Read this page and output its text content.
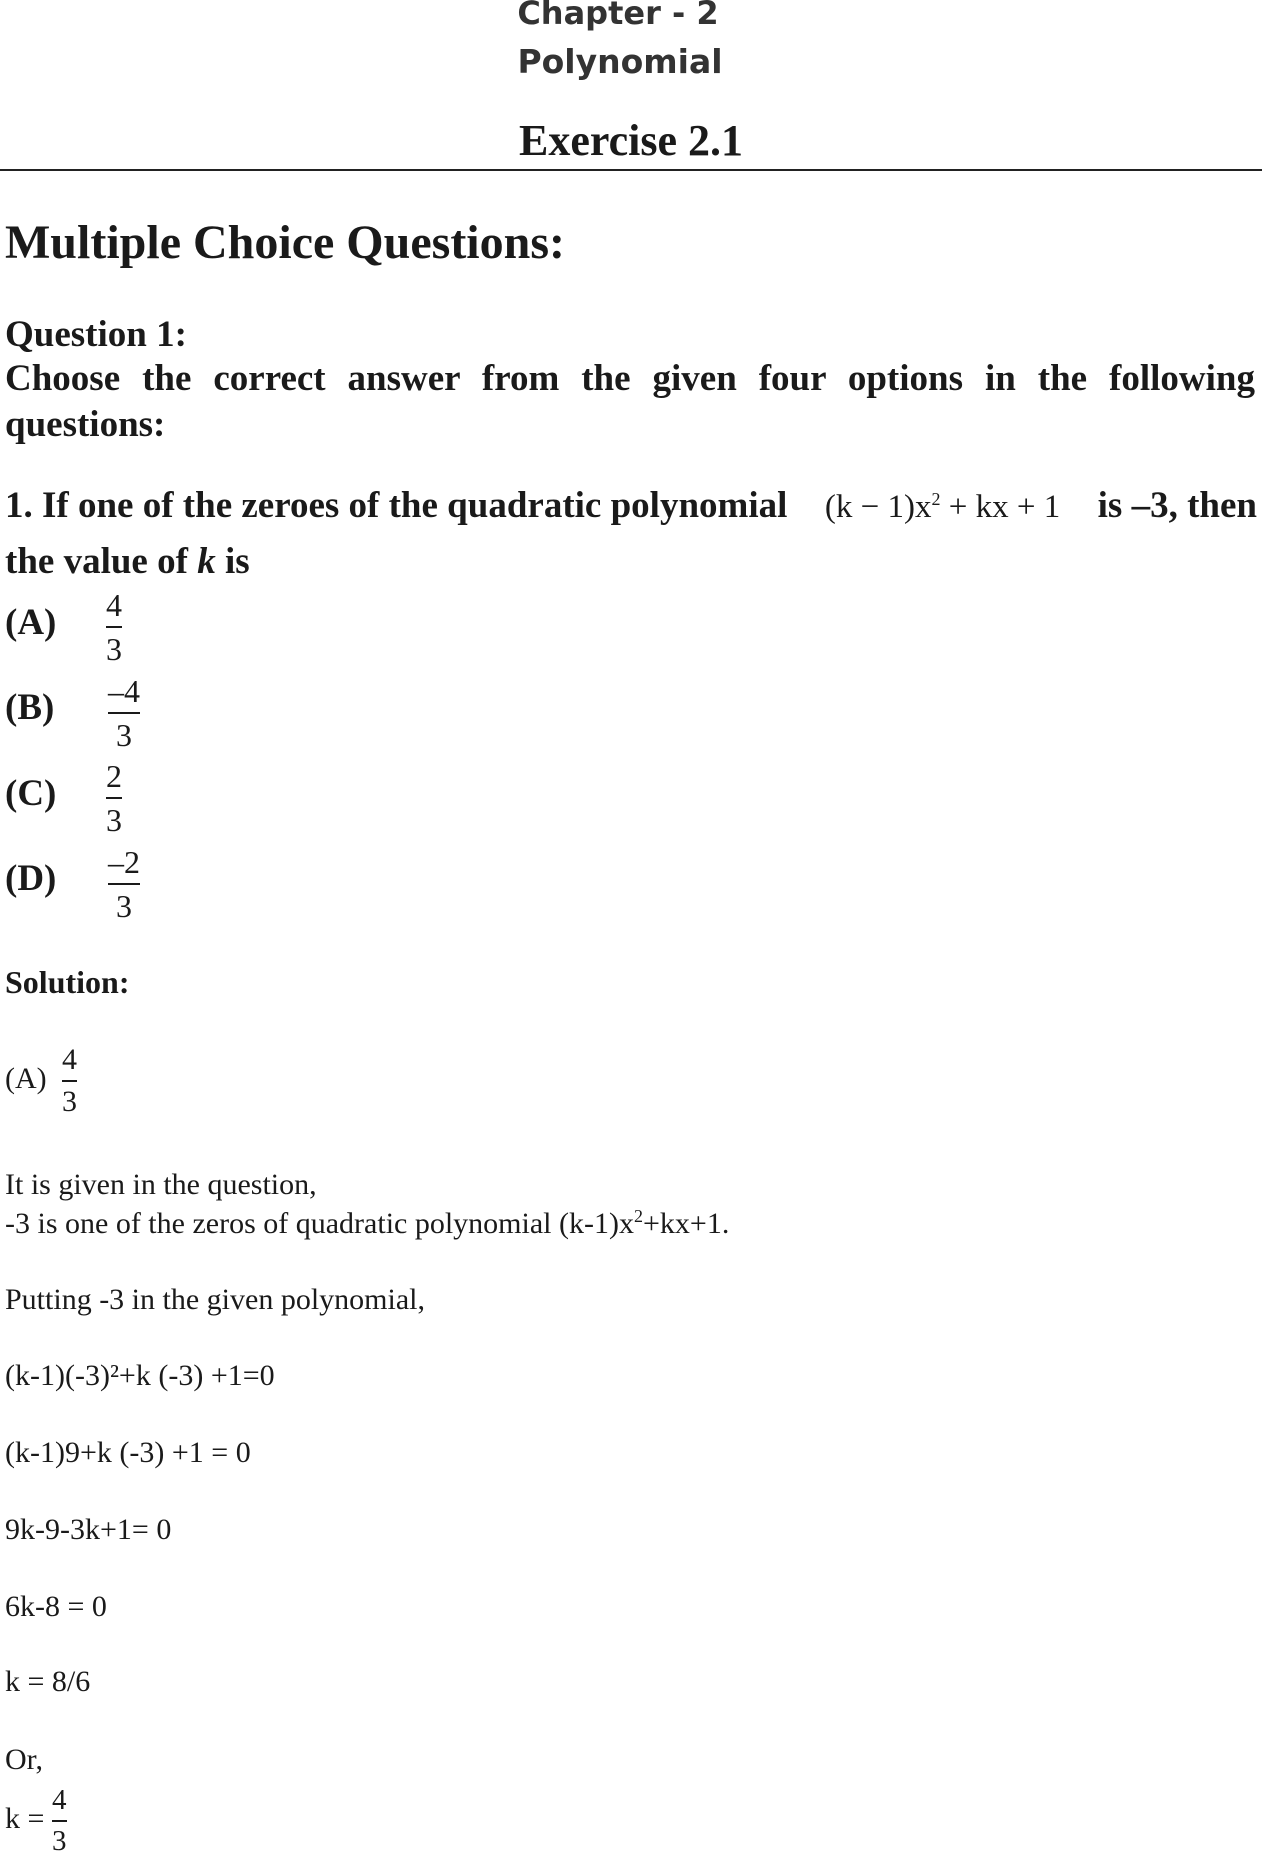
Chapter - 2
Polynomial
Exercise 2.1
Multiple Choice Questions:
Question 1:
Choose the correct answer from the given four options in the following questions:
1. If one of the zeroes of the quadratic polynomial $(k - 1)x^2$ + kx + 1 is –3, then
the value of k is
(A) 4
3
(B) –4
3
(C) 2
3
(D) –2
3
Solution:
(A)
4
3
It is given in the question,
-3 is one of the zeros of quadratic polynomial $(k-1)x^2+kx+1$.
Putting -3 in the given polynomial,
(k-1)(-3)²+k (-3) +1=0
(k-1)9+k (-3) +1 = 0
9k-9-3k+1= 0
6k-8 = 0
k = 8/6
Or,
k =
4
3
